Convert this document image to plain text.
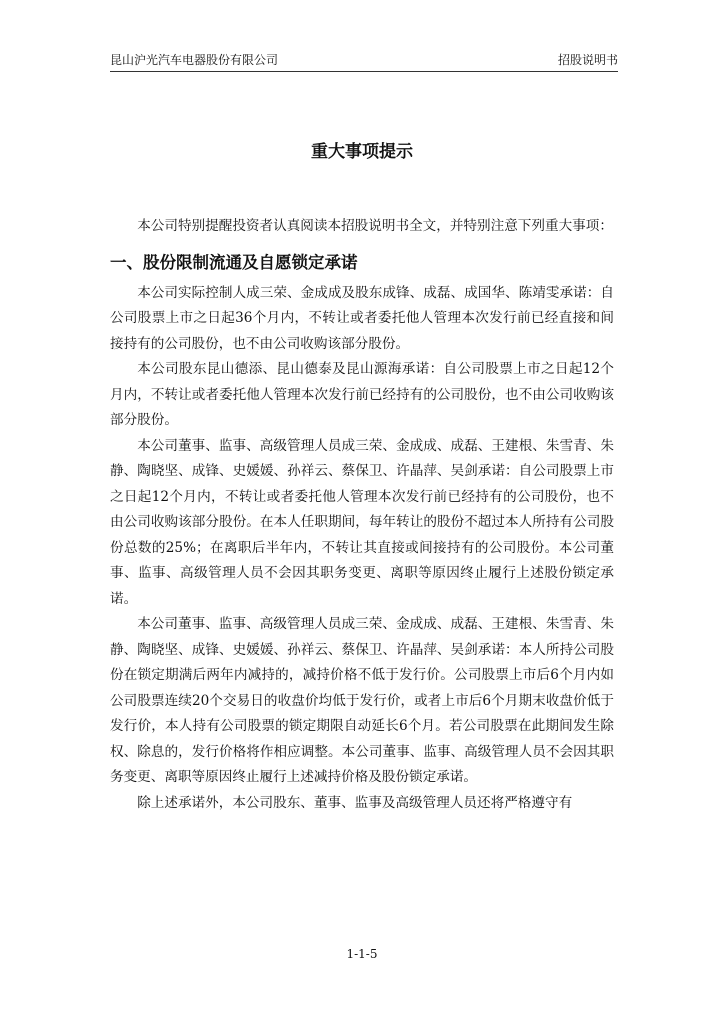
昆山沪光汽车电器股份有限公司	招股说明书
重大事项提示

本公司特别提醒投资者认真阅读本招股说明书全文，并特别注意下列重大事项：

一、股份限制流通及自愿锁定承诺

本公司实际控制人成三荣、金成成及股东成锋、成磊、成国华、陈靖雯承诺：自公司股票上市之日起36个月内，不转让或者委托他人管理本次发行前已经直接和间接持有的公司股份，也不由公司收购该部分股份。

本公司股东昆山德添、昆山德泰及昆山源海承诺：自公司股票上市之日起12个月内，不转让或者委托他人管理本次发行前已经持有的公司股份，也不由公司收购该部分股份。

本公司董事、监事、高级管理人员成三荣、金成成、成磊、王建根、朱雪青、朱静、陶晓坚、成锋、史媛媛、孙祥云、蔡保卫、许晶萍、吴剑承诺：自公司股票上市之日起12个月内，不转让或者委托他人管理本次发行前已经持有的公司股份，也不由公司收购该部分股份。在本人任职期间，每年转让的股份不超过本人所持有公司股份总数的25%；在离职后半年内，不转让其直接或间接持有的公司股份。本公司董事、监事、高级管理人员不会因其职务变更、离职等原因终止履行上述股份锁定承诺。

本公司董事、监事、高级管理人员成三荣、金成成、成磊、王建根、朱雪青、朱静、陶晓坚、成锋、史媛媛、孙祥云、蔡保卫、许晶萍、吴剑承诺：本人所持公司股份在锁定期满后两年内减持的，减持价格不低于发行价。公司股票上市后6个月内如公司股票连续20个交易日的收盘价均低于发行价，或者上市后6个月期末收盘价低于发行价，本人持有公司股票的锁定期限自动延长6个月。若公司股票在此期间发生除权、除息的，发行价格将作相应调整。本公司董事、监事、高级管理人员不会因其职务变更、离职等原因终止履行上述减持价格及股份锁定承诺。

除上述承诺外，本公司股东、董事、监事及高级管理人员还将严格遵守有

1-1-5
